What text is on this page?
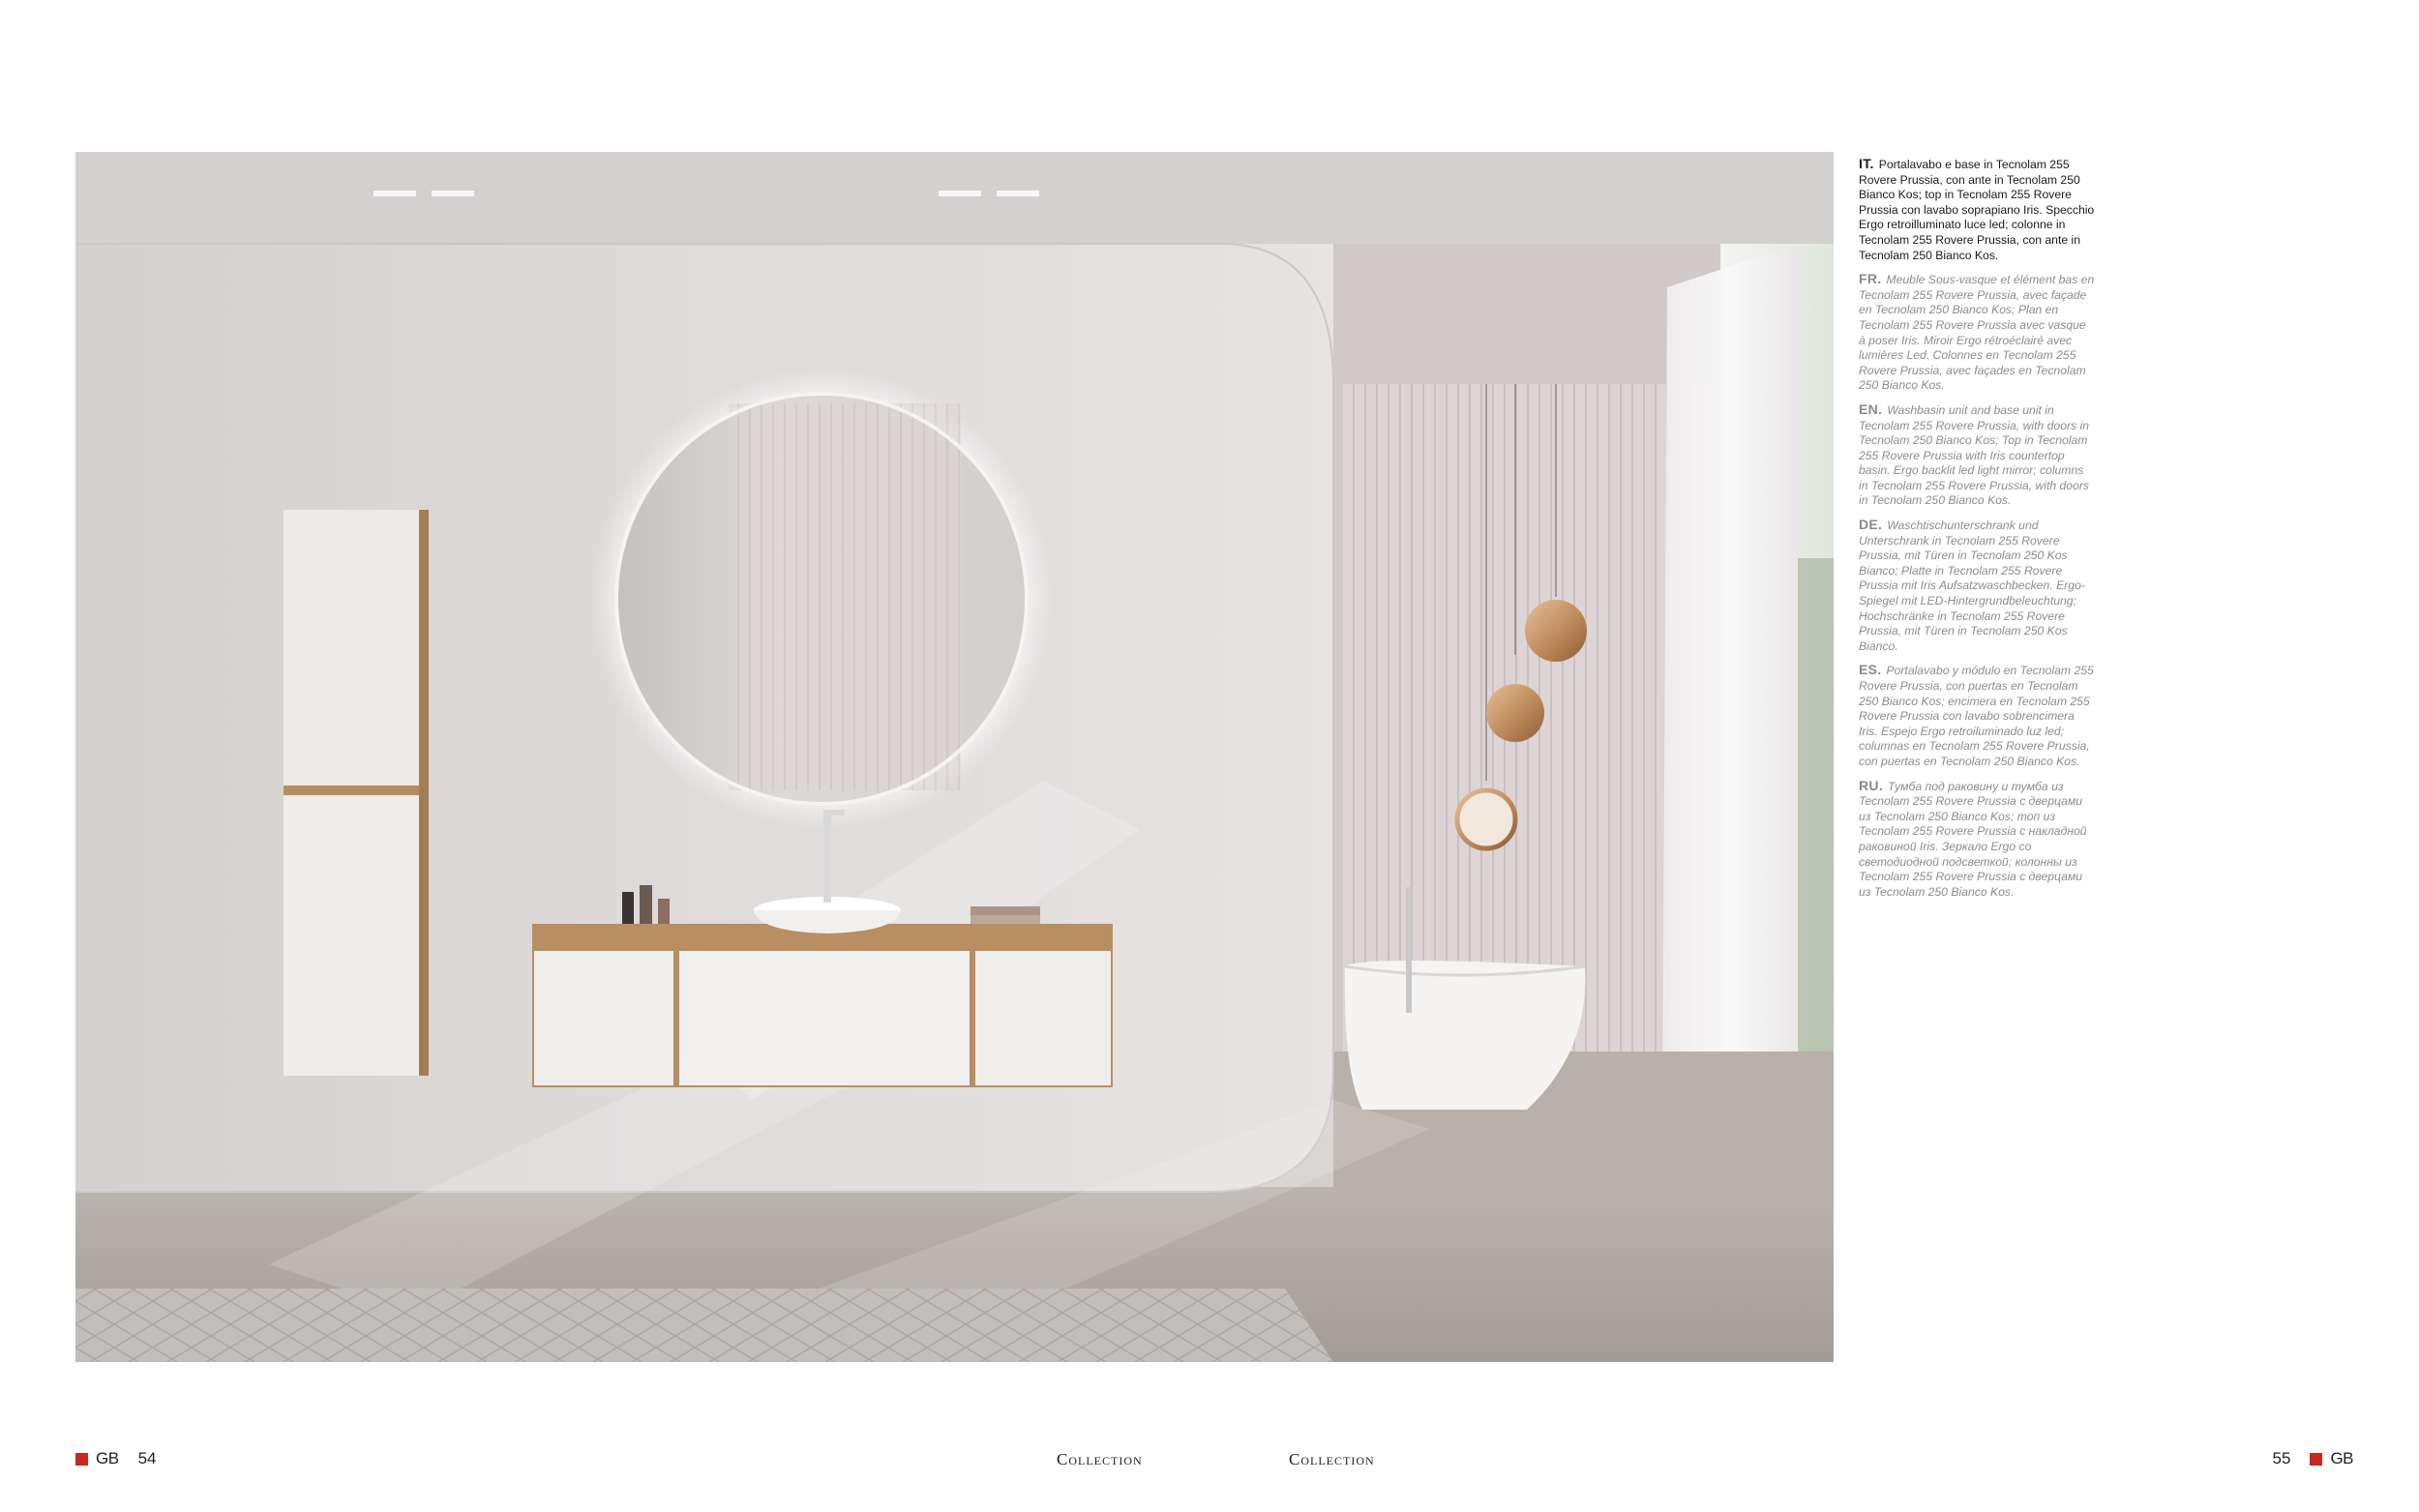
IT. Portalavabo e base in Tecnolam 255 Rovere Prussia, con ante in Tecnolam 250 Bianco Kos; top in Tecnolam 255 Rovere Prussia con lavabo soprapiano Iris. Specchio Ergo retroilluminato luce led; colonne in Tecnolam 255 Rovere Prussia, con ante in Tecnolam 250 Bianco Kos.

FR. Meuble Sous-vasque et élément bas en Tecnolam 255 Rovere Prussia, avec façade en Tecnolam 250 Bianco Kos; Plan en Tecnolam 255 Rovere Prussia avec vasque à poser Iris. Miroir Ergo rétroéclairé avec lumières Led. Colonnes en Tecnolam 255 Rovere Prussia, avec façades en Tecnolam 250 Bianco Kos.

EN. Washbasin unit and base unit in Tecnolam 255 Rovere Prussia, with doors in Tecnolam 250 Bianco Kos; Top in Tecnolam 255 Rovere Prussia with Iris countertop basin. Ergo backlit led light mirror; columns in Tecnolam 255 Rovere Prussia, with doors in Tecnolam 250 Bianco Kos.

DE. Waschtischunterschrank und Unterschrank in Tecnolam 255 Rovere Prussia, mit Türen in Tecnolam 250 Kos Bianco; Platte in Tecnolam 255 Rovere Prussia mit Iris Aufsatzwaschbecken. Ergo-Spiegel mit LED-Hintergrundbeleuchtung; Hochschränke in Tecnolam 255 Rovere Prussia, mit Türen in Tecnolam 250 Kos Bianco.

ES. Portalavabo y módulo en Tecnolam 255 Rovere Prussia, con puertas en Tecnolam 250 Bianco Kos; encimera en Tecnolam 255 Rovere Prussia con lavabo sobrencimera Iris. Espejo Ergo retroiluminado luz led; columnas en Tecnolam 255 Rovere Prussia, con puertas en Tecnolam 250 Bianco Kos.

RU. Тумба под раковину и тумба из Tecnolam 255 Rovere Prussia с дверцами из Tecnolam 250 Bianco Kos; топ из Tecnolam 255 Rovere Prussia с накладной раковиной Iris. Зеркало Ergo со светодиодной подсветкой; колонны из Tecnolam 255 Rovere Prussia с дверцами из Tecnolam 250 Bianco Kos.

GB 54	Collection	Collection	55 GB
